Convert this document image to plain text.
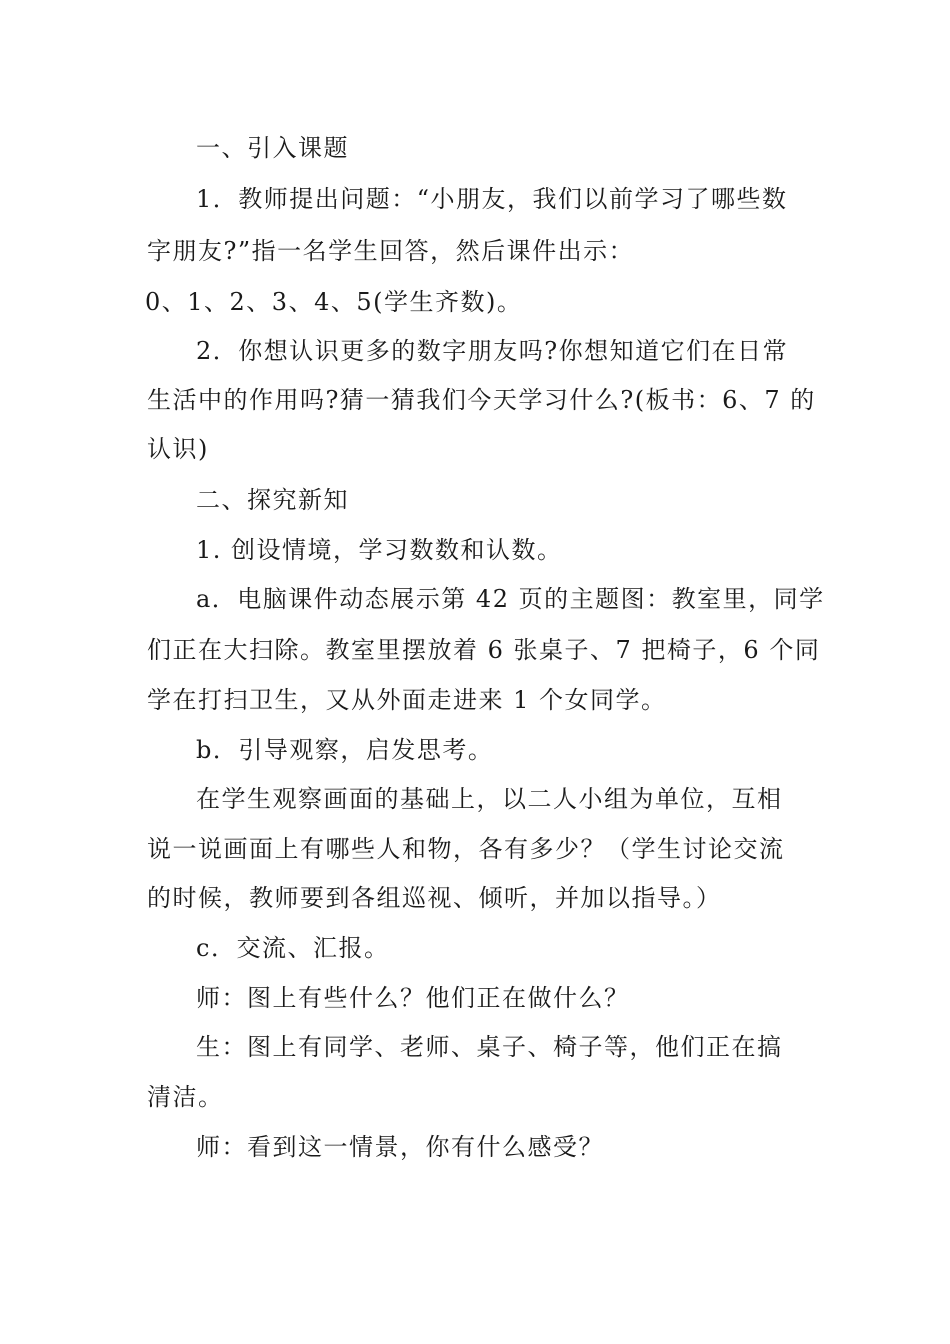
一、引入课题
1．教师提出问题：“小朋友，我们以前学习了哪些数
字朋友?”指一名学生回答，然后课件出示：
0、1、2、3、4、5(学生齐数)。
2．你想认识更多的数字朋友吗?你想知道它们在日常
生活中的作用吗?猜一猜我们今天学习什么?(板书：6、7 的
认识)
二、探究新知
1. 创设情境，学习数数和认数。
a．电脑课件动态展示第 42 页的主题图：教室里，同学
们正在大扫除。教室里摆放着 6 张桌子、7 把椅子，6 个同
学在打扫卫生，又从外面走进来 1 个女同学。
b．引导观察，启发思考。
在学生观察画面的基础上，以二人小组为单位，互相
说一说画面上有哪些人和物，各有多少？（学生讨论交流
的时候，教师要到各组巡视、倾听，并加以指导。）
c．交流、汇报。
师：图上有些什么？他们正在做什么？
生：图上有同学、老师、桌子、椅子等，他们正在搞
清洁。
师：看到这一情景，你有什么感受？
